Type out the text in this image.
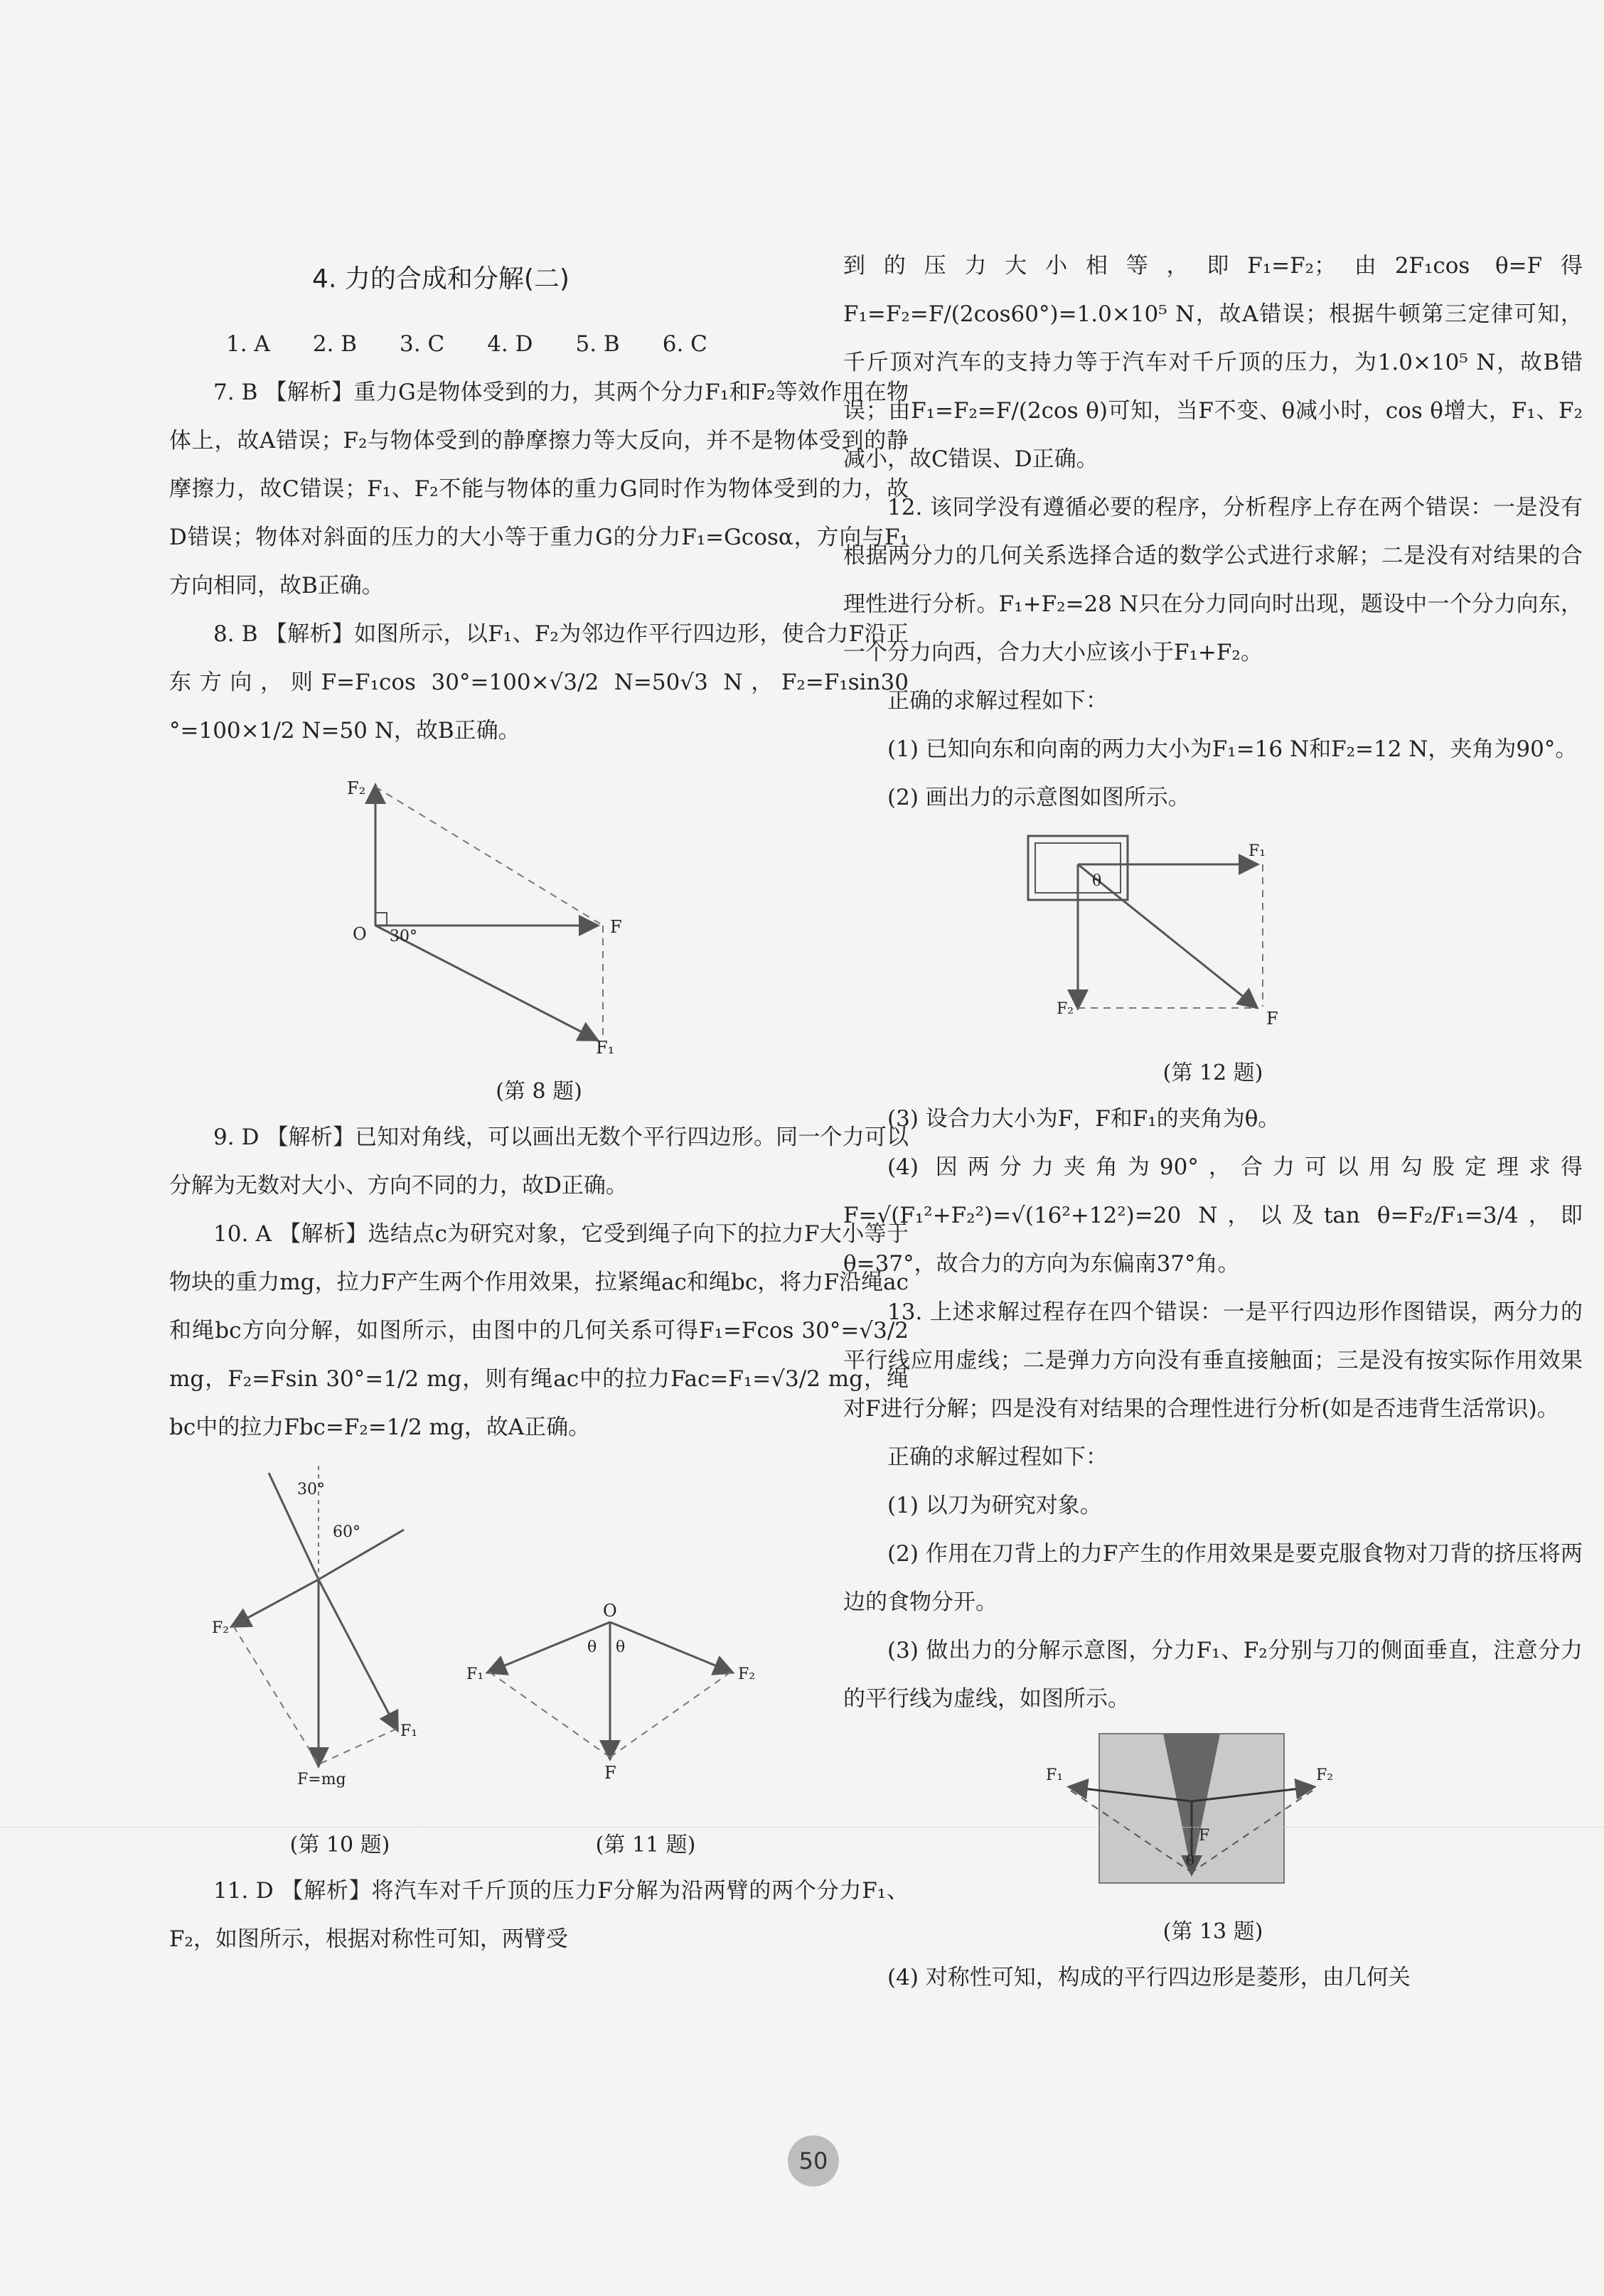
4. 力的合成和分解(二)
1. A 2. B 3. C 4. D 5. B 6. C

7. B 【解析】重力G是物体受到的力，其两个分力F₁和F₂等效作用在物体上，故A错误；F₂与物体受到的静摩擦力等大反向，并不是物体受到的静摩擦力，故C错误；F₁、F₂不能与物体的重力G同时作为物体受到的力，故D错误；物体对斜面的压力的大小等于重力G的分力F₁=Gcosα，方向与F₁方向相同，故B正确。

8. B 【解析】如图所示，以F₁、F₂为邻边作平行四边形，使合力F沿正东方向，则F=F₁cos 30°=100×√3/2 N=50√3 N，F₂=F₁sin30 °=100×1/2 N=50 N，故B正确。

F₂
O 30°	F
F₁
(第 8 题)

9. D 【解析】已知对角线，可以画出无数个平行四边形。同一个力可以分解为无数对大小、方向不同的力，故D正确。

10. A 【解析】选结点c为研究对象，它受到绳子向下的拉力F大小等于物块的重力mg，拉力F产生两个作用效果，拉紧绳ac和绳bc，将力F沿绳ac和绳bc方向分解，如图所示，由图中的几何关系可得F₁=Fcos 30°=√3/2 mg，F₂=Fsin 30°=1/2 mg，则有绳ac中的拉力Fac=F₁=√3/2 mg，绳bc中的拉力Fbc=F₂=1/2 mg，故A正确。

30°
60°
F₂
F₁
F=mg
O
θ θ
F₁	F₂
F
(第 10 题)	(第 11 题)

11. D 【解析】将汽车对千斤顶的压力F分解为沿两臂的两个分力F₁、F₂，如图所示，根据对称性可知，两臂受

到的压力大小相等，即F₁=F₂；由2F₁cos θ=F得F₁=F₂=F/(2cos60°)=1.0×10⁵ N，故A错误；根据牛顿第三定律可知，千斤顶对汽车的支持力等于汽车对千斤顶的压力，为1.0×10⁵ N，故B错误；由F₁=F₂=F/(2cos θ)可知，当F不变、θ减小时，cos θ增大，F₁、F₂减小，故C错误、D正确。

12. 该同学没有遵循必要的程序，分析程序上存在两个错误：一是没有根据两分力的几何关系选择合适的数学公式进行求解；二是没有对结果的合理性进行分析。F₁+F₂=28 N只在分力同向时出现，题设中一个分力向东，一个分力向西，合力大小应该小于F₁+F₂。

正确的求解过程如下：

(1) 已知向东和向南的两力大小为F₁=16 N和F₂=12 N，夹角为90°。

(2) 画出力的示意图如图所示。

θ
F₁
F₂	F
(第 12 题)

(3) 设合力大小为F，F和F₁的夹角为θ。

(4) 因两分力夹角为90°，合力可以用勾股定理求得F=√(F₁²+F₂²)=√(16²+12²)=20 N，以及tan θ=F₂/F₁=3/4，即θ=37°，故合力的方向为东偏南37°角。

13. 上述求解过程存在四个错误：一是平行四边形作图错误，两分力的平行线应用虚线；二是弹力方向没有垂直接触面；三是没有按实际作用效果对F进行分解；四是没有对结果的合理性进行分析(如是否违背生活常识)。

正确的求解过程如下：

(1) 以刀为研究对象。

(2) 作用在刀背上的力F产生的作用效果是要克服食物对刀背的挤压将两边的食物分开。

(3) 做出力的分解示意图，分力F₁、F₂分别与刀的侧面垂直，注意分力的平行线为虚线，如图所示。

F₁	F₂
F
θ
(第 13 题)

(4) 对称性可知，构成的平行四边形是菱形，由几何关

50
